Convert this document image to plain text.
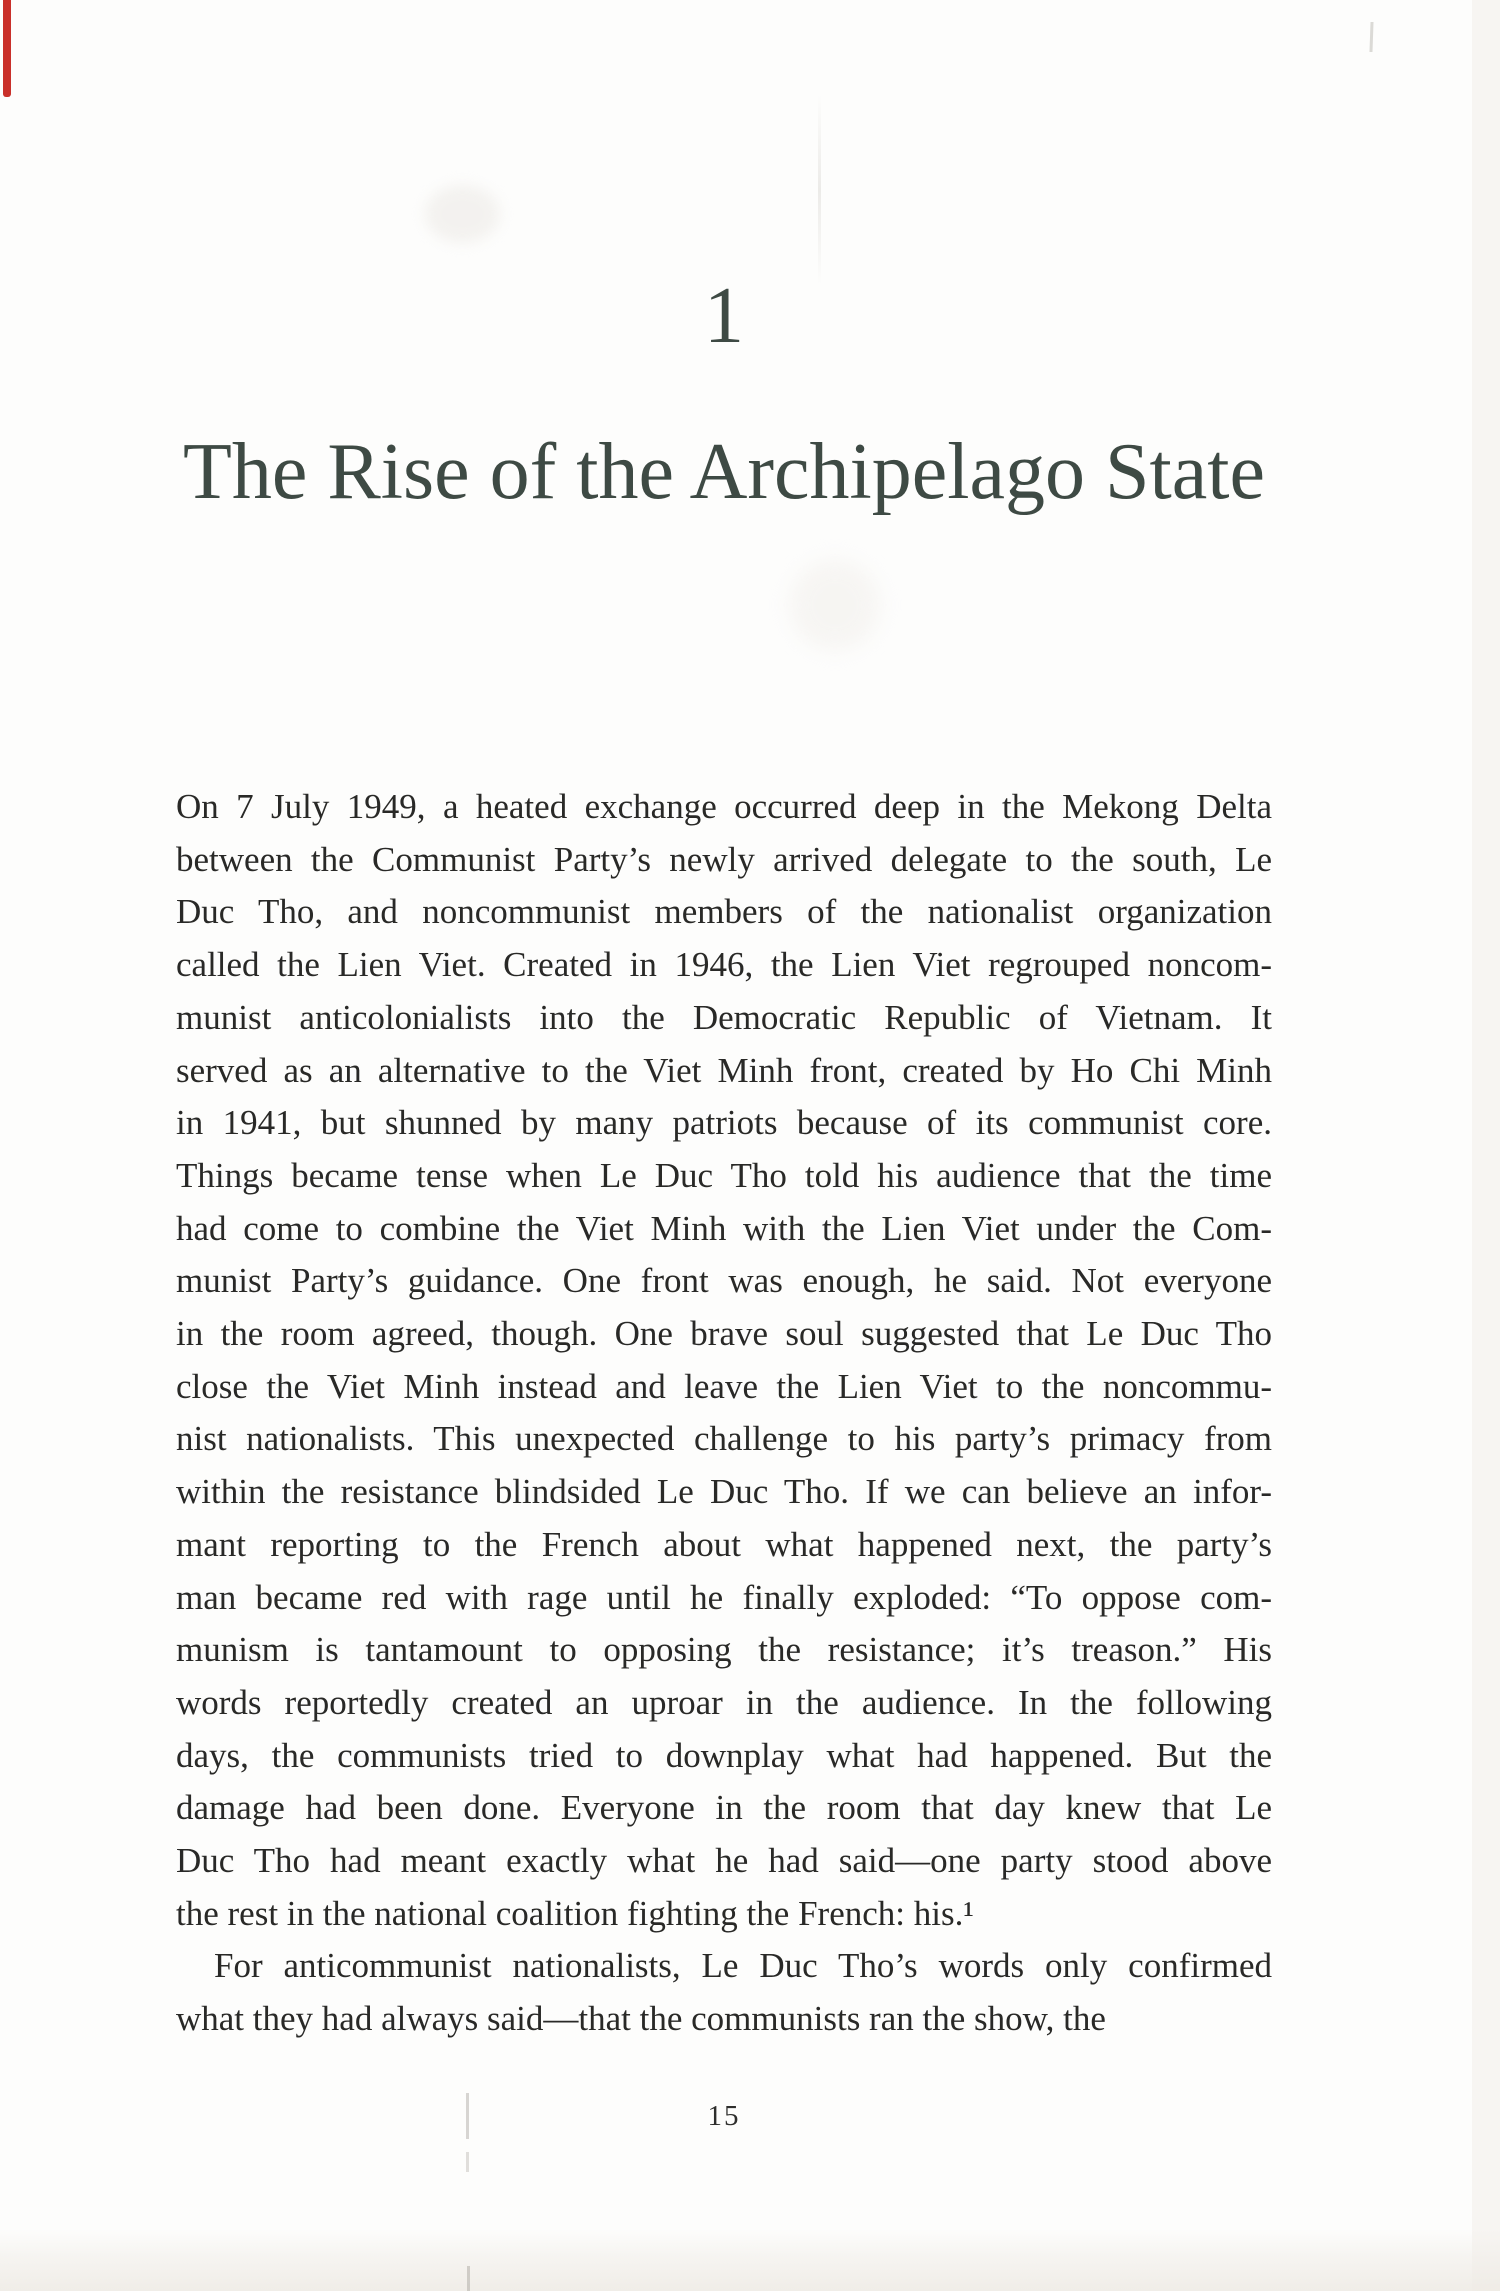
1
The Rise of the Archipelago State
On 7 July 1949, a heated exchange occurred deep in the Mekong Delta
between the Communist Party’s newly arrived delegate to the south, Le
Duc Tho, and noncommunist members of the nationalist organization
called the Lien Viet. Created in 1946, the Lien Viet regrouped noncom-
munist anticolonialists into the Democratic Republic of Vietnam. It
served as an alternative to the Viet Minh front, created by Ho Chi Minh
in 1941, but shunned by many patriots because of its communist core.
Things became tense when Le Duc Tho told his audience that the time
had come to combine the Viet Minh with the Lien Viet under the Com-
munist Party’s guidance. One front was enough, he said. Not everyone
in the room agreed, though. One brave soul suggested that Le Duc Tho
close the Viet Minh instead and leave the Lien Viet to the noncommu-
nist nationalists. This unexpected challenge to his party’s primacy from
within the resistance blindsided Le Duc Tho. If we can believe an infor-
mant reporting to the French about what happened next, the party’s
man became red with rage until he finally exploded: “To oppose com-
munism is tantamount to opposing the resistance; it’s treason.” His
words reportedly created an uproar in the audience. In the following
days, the communists tried to downplay what had happened. But the
damage had been done. Everyone in the room that day knew that Le
Duc Tho had meant exactly what he had said—one party stood above
the rest in the national coalition fighting the French: his.¹
For anticommunist nationalists, Le Duc Tho’s words only confirmed
what they had always said—that the communists ran the show, the
15
